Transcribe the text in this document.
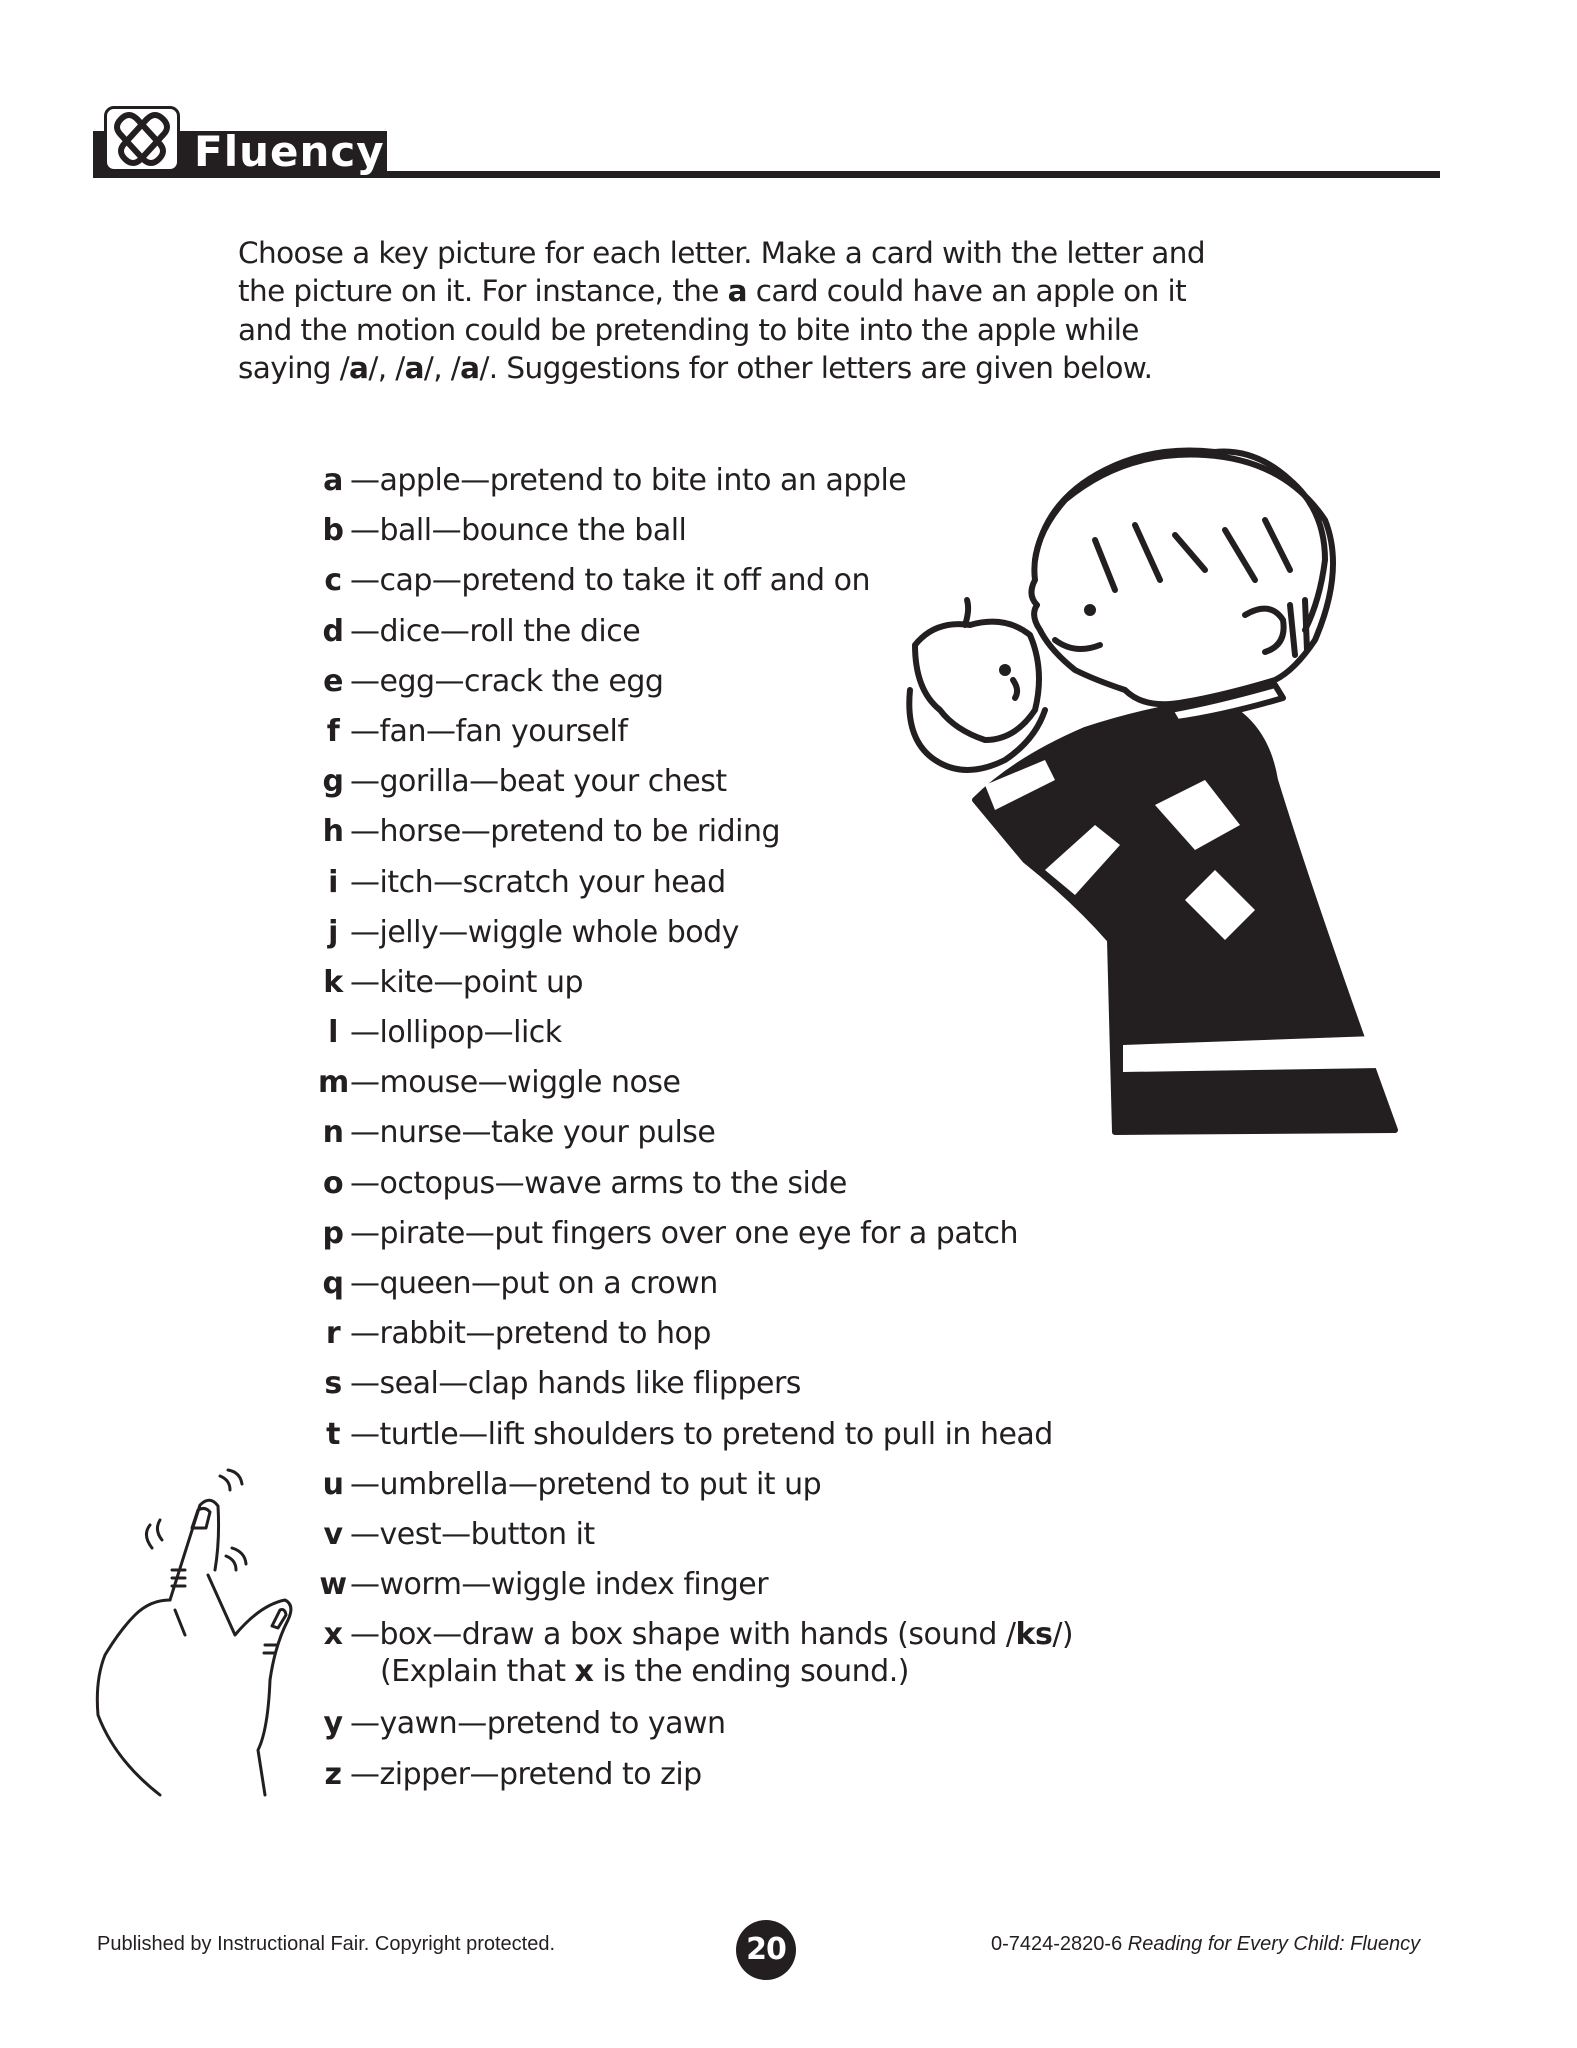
Fluency
Choose a key picture for each letter. Make a card with the letter and
the picture on it. For instance, the a card could have an apple on it
and the motion could be pretending to bite into the apple while
saying /a/, /a/, /a/. Suggestions for other letters are given below.
a —apple—pretend to bite into an apple
b —ball—bounce the ball
c —cap—pretend to take it off and on
d —dice—roll the dice
e —egg—crack the egg
f —fan—fan yourself
g —gorilla—beat your chest
h —horse—pretend to be riding
i —itch—scratch your head
j —jelly—wiggle whole body
k —kite—point up
l —lollipop—lick
m—mouse—wiggle nose
n —nurse—take your pulse
o —octopus—wave arms to the side
p —pirate—put fingers over one eye for a patch
q —queen—put on a crown
r —rabbit—pretend to hop
s —seal—clap hands like flippers
t —turtle—lift shoulders to pretend to pull in head
u —umbrella—pretend to put it up
v —vest—button it
w —worm—wiggle index finger
x —box—draw a box shape with hands (sound /ks/)
(Explain that x is the ending sound.)
y —yawn—pretend to yawn
z —zipper—pretend to zip
Published by Instructional Fair. Copyright protected.	20	0-7424-2820-6 Reading for Every Child: Fluency
